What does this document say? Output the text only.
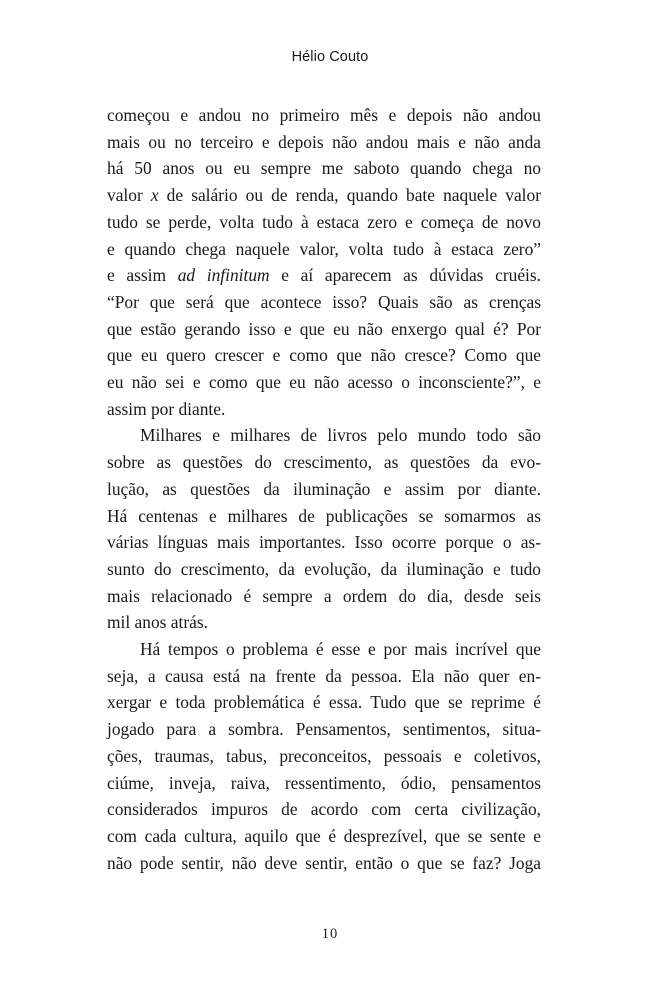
Hélio Couto

começou e andou no primeiro mês e depois não andou
mais ou no terceiro e depois não andou mais e não anda
há 50 anos ou eu sempre me saboto quando chega no
valor x de salário ou de renda, quando bate naquele valor
tudo se perde, volta tudo à estaca zero e começa de novo
e quando chega naquele valor, volta tudo à estaca zero”
e assim ad infinitum e aí aparecem as dúvidas cruéis.
“Por que será que acontece isso? Quais são as crenças
que estão gerando isso e que eu não enxergo qual é? Por
que eu quero crescer e como que não cresce? Como que
eu não sei e como que eu não acesso o inconsciente?”, e
assim por diante.

Milhares e milhares de livros pelo mundo todo são
sobre as questões do crescimento, as questões da evo-
lução, as questões da iluminação e assim por diante.
Há centenas e milhares de publicações se somarmos as
várias línguas mais importantes. Isso ocorre porque o as-
sunto do crescimento, da evolução, da iluminação e tudo
mais relacionado é sempre a ordem do dia, desde seis
mil anos atrás.

Há tempos o problema é esse e por mais incrível que
seja, a causa está na frente da pessoa. Ela não quer en-
xergar e toda problemática é essa. Tudo que se reprime é
jogado para a sombra. Pensamentos, sentimentos, situa-
ções, traumas, tabus, preconceitos, pessoais e coletivos,
ciúme, inveja, raiva, ressentimento, ódio, pensamentos
considerados impuros de acordo com certa civilização,
com cada cultura, aquilo que é desprezível, que se sente e
não pode sentir, não deve sentir, então o que se faz? Joga

10
